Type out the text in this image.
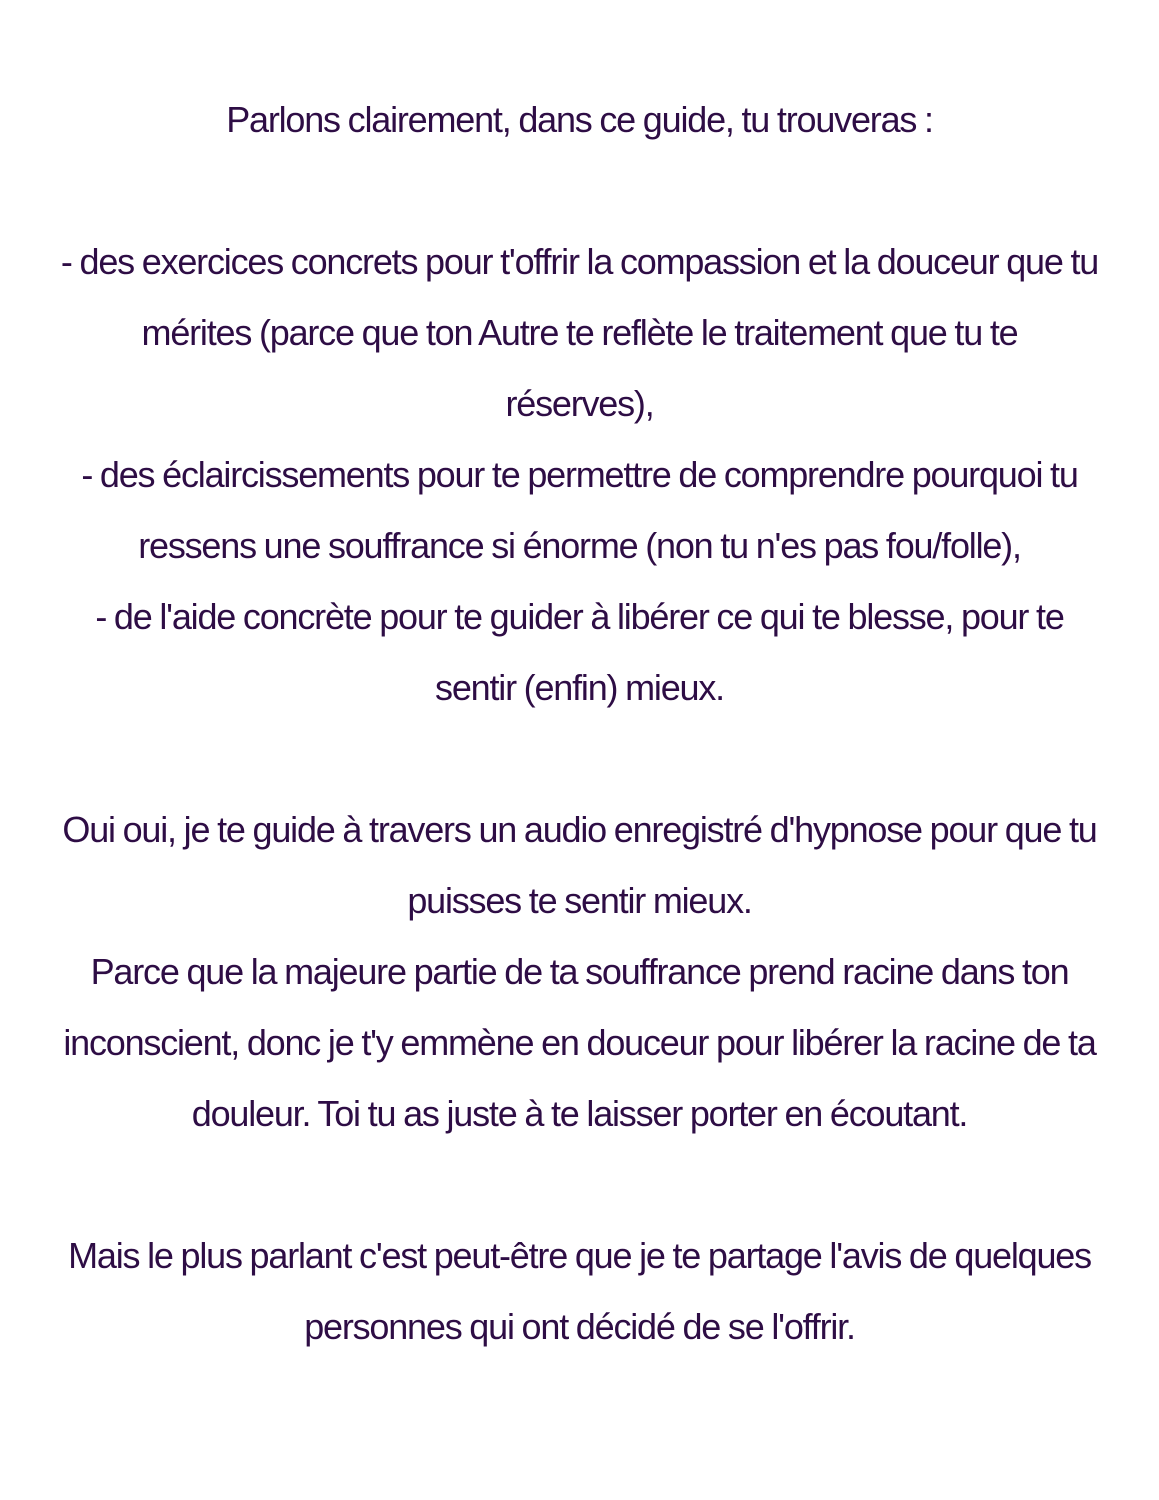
Parlons clairement, dans ce guide, tu trouveras :

- des exercices concrets pour t'offrir la compassion et la douceur que tu
mérites (parce que ton Autre te reflète le traitement que tu te
réserves),

- des éclaircissements pour te permettre de comprendre pourquoi tu
ressens une souffrance si énorme (non tu n'es pas fou/folle),

- de l'aide concrète pour te guider à libérer ce qui te blesse, pour te
sentir (enfin) mieux.

Oui oui, je te guide à travers un audio enregistré d'hypnose pour que tu
puisses te sentir mieux.
Parce que la majeure partie de ta souffrance prend racine dans ton
inconscient, donc je t'y emmène en douceur pour libérer la racine de ta
douleur. Toi tu as juste à te laisser porter en écoutant.

Mais le plus parlant c'est peut-être que je te partage l'avis de quelques
personnes qui ont décidé de se l'offrir.
